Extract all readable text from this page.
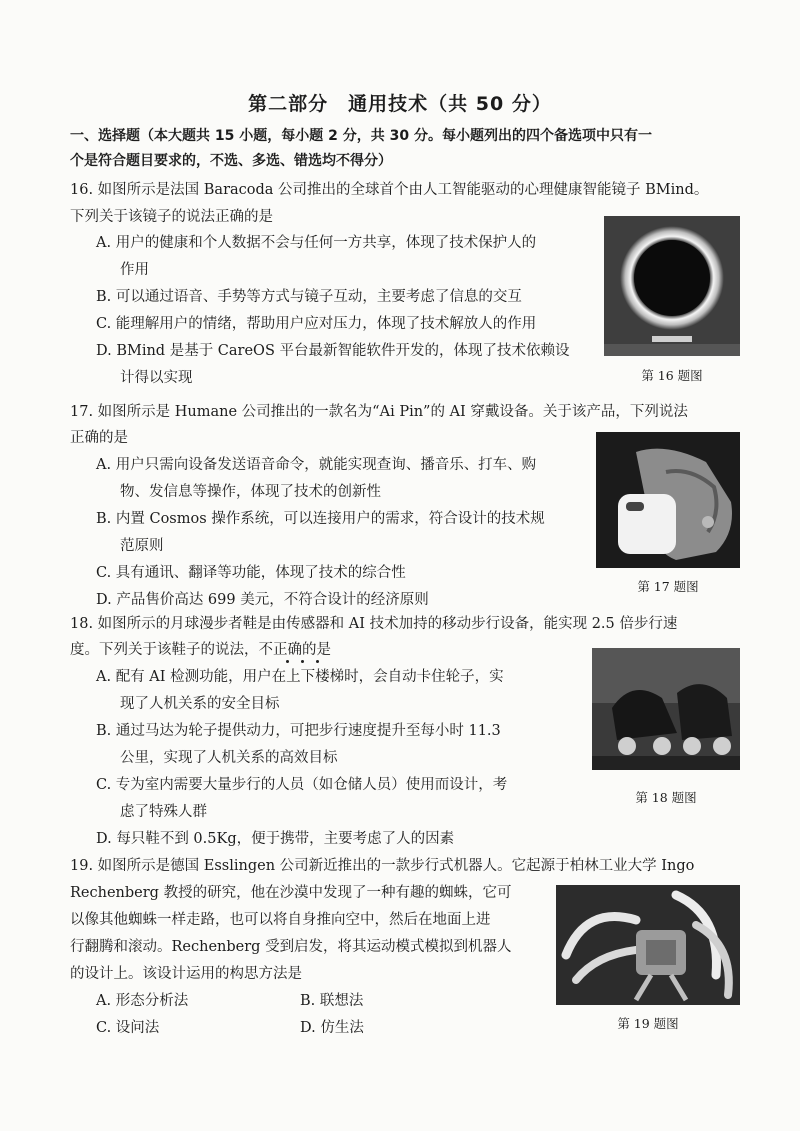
第二部分　通用技术（共 50 分）
一、选择题（本大题共 15 小题，每小题 2 分，共 30 分。每小题列出的四个备选项中只有一
个是符合题目要求的，不选、多选、错选均不得分）
16. 如图所示是法国 Baracoda 公司推出的全球首个由人工智能驱动的心理健康智能镜子 BMind。
下列关于该镜子的说法正确的是
A. 用户的健康和个人数据不会与任何一方共享，体现了技术保护人的
作用
B. 可以通过语音、手势等方式与镜子互动，主要考虑了信息的交互
C. 能理解用户的情绪，帮助用户应对压力，体现了技术解放人的作用
D. BMind 是基于 CareOS 平台最新智能软件开发的，体现了技术依赖设
计得以实现	第 16 题图
17. 如图所示是 Humane 公司推出的一款名为“Ai Pin”的 AI 穿戴设备。关于该产品，下列说法
正确的是
A. 用户只需向设备发送语音命令，就能实现查询、播音乐、打车、购
物、发信息等操作，体现了技术的创新性
B. 内置 Cosmos 操作系统，可以连接用户的需求，符合设计的技术规
范原则
C. 具有通讯、翻译等功能，体现了技术的综合性
D. 产品售价高达 699 美元，不符合设计的经济原则
第 17 题图
18. 如图所示的月球漫步者鞋是由传感器和 AI 技术加持的移动步行设备，能实现 2.5 倍步行速
度。下列关于该鞋子的说法，不正确的是
A. 配有 AI 检测功能，用户在上下楼梯时，会自动卡住轮子，实
现了人机关系的安全目标
B. 通过马达为轮子提供动力，可把步行速度提升至每小时 11.3
公里，实现了人机关系的高效目标
C. 专为室内需要大量步行的人员（如仓储人员）使用而设计，考
虑了特殊人群
D. 每只鞋不到 0.5Kg，便于携带，主要考虑了人的因素
第 18 题图
19. 如图所示是德国 Esslingen 公司新近推出的一款步行式机器人。它起源于柏林工业大学 Ingo
Rechenberg 教授的研究，他在沙漠中发现了一种有趣的蜘蛛，它可
以像其他蜘蛛一样走路，也可以将自身推向空中，然后在地面上进
行翻腾和滚动。Rechenberg 受到启发，将其运动模式模拟到机器人
的设计上。该设计运用的构思方法是
A. 形态分析法	B. 联想法
C. 设问法	D. 仿生法	第 19 题图
